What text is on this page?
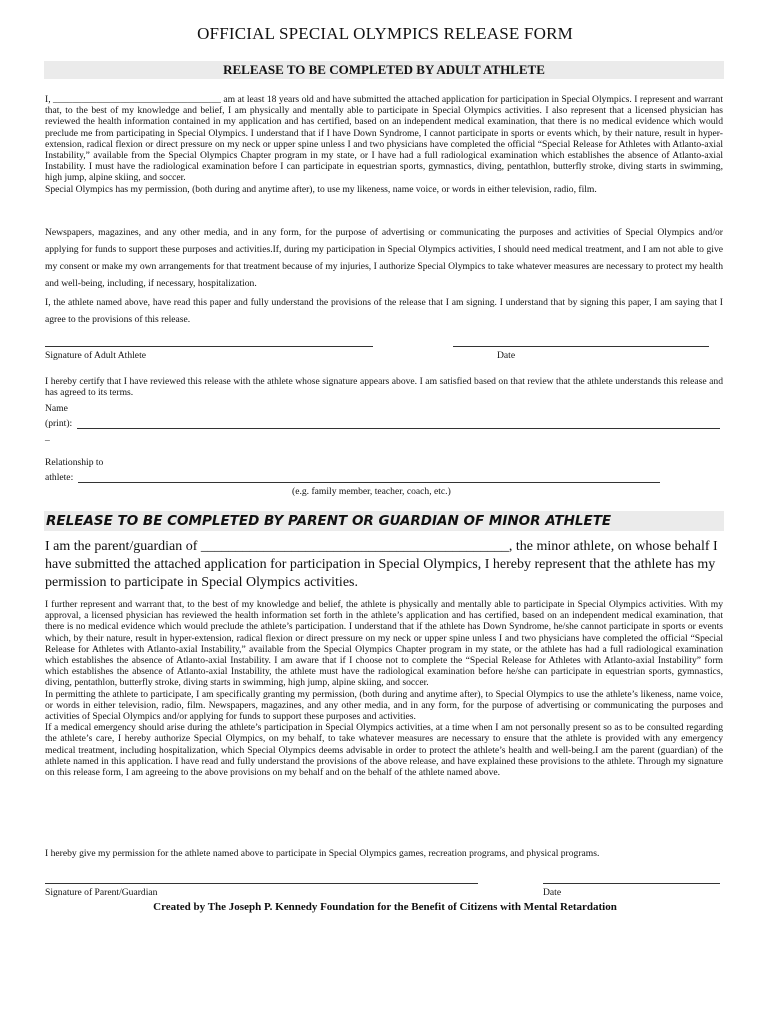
OFFICIAL SPECIAL OLYMPICS RELEASE FORM
RELEASE TO BE COMPLETED BY ADULT ATHLETE

I, ___________________________________ am at least 18 years old and have submitted the attached application for participation in Special Olympics. I represent and warrant that, to the best of my knowledge and belief, I am physically and mentally able to participate in Special Olympics activities. I also represent that a licensed physician has reviewed the health information contained in my application and has certified, based on an independent medical examination, that there is no medical evidence which would preclude me from participating in Special Olympics. I understand that if I have Down Syndrome, I cannot participate in sports or events which, by their nature, result in hyper-extension, radical flexion or direct pressure on my neck or upper spine unless I and two physicians have completed the official “Special Release for Athletes with Atlanto-axial Instability,” available from the Special Olympics Chapter program in my state, or I have had a full radiological examination which establishes the absence of Atlanto-axial Instability. I must have the radiological examination before I can participate in equestrian sports, gymnastics, diving, pentathlon, butterfly stroke, diving starts in swimming, high jump, alpine skiing, and soccer.
Special Olympics has my permission, (both during and anytime after), to use my likeness, name voice, or words in either television, radio, film.

Newspapers, magazines, and any other media, and in any form, for the purpose of advertising or communicating the purposes and activities of Special Olympics and/or applying for funds to support these purposes and activities.If, during my participation in Special Olympics activities, I should need medical treatment, and I am not able to give my consent or make my own arrangements for that treatment because of my injuries, I authorize Special Olympics to take whatever measures are necessary to protect my health and well-being, including, if necessary, hospitalization.

I, the athlete named above, have read this paper and fully understand the provisions of the release that I am signing. I understand that by signing this paper, I am saying that I agree to the provisions of this release.

Signature of Adult Athlete	Date

I hereby certify that I have reviewed this release with the athlete whose signature appears above. I am satisfied based on that review that the athlete understands this release and has agreed to its terms.

Name
(print):
_
Relationship to
athlete:
(e.g. family member, teacher, coach, etc.)
RELEASE TO BE COMPLETED BY PARENT OR GUARDIAN OF MINOR ATHLETE

I am the parent/guardian of ____________________________________________, the minor athlete, on whose behalf I have submitted the attached application for participation in Special Olympics, I hereby represent that the athlete has my permission to participate in Special Olympics activities.

I further represent and warrant that, to the best of my knowledge and belief, the athlete is physically and mentally able to participate in Special Olympics activities. With my approval, a licensed physician has reviewed the health information set forth in the athlete’s application and has certified, based on an independent medical examination, that there is no medical evidence which would preclude the athlete’s participation. I understand that if the athlete has Down Syndrome, he/she cannot participate in sports or events which, by their nature, result in hyper-extension, radical flexion or direct pressure on my neck or upper spine unless I and two physicians have completed the official “Special Release for Athletes with Atlanto-axial Instability,” available from the Special Olympics Chapter program in my state, or the athlete has had a full radiological examination which establishes the absence of Atlanto-axial Instability. I am aware that if I choose not to complete the “Special Release for Athletes with Atlanto-axial Instability” form which establishes the absence of Atlanto-axial Instability, the athlete must have the radiological examination before he/she can participate in equestrian sports, gymnastics, diving, pentathlon, butterfly stroke, diving starts in swimming, high jump, alpine skiing, and soccer.
In permitting the athlete to participate, I am specifically granting my permission, (both during and anytime after), to Special Olympics to use the athlete’s likeness, name voice, or words in either television, radio, film. Newspapers, magazines, and any other media, and in any form, for the purpose of advertising or communicating the purposes and activities of Special Olympics and/or applying for funds to support these purposes and activities.
If a medical emergency should arise during the athlete’s participation in Special Olympics activities, at a time when I am not personally present so as to be consulted regarding the athlete’s care, I hereby authorize Special Olympics, on my behalf, to take whatever measures are necessary to ensure that the athlete is provided with any emergency medical treatment, including hospitalization, which Special Olympics deems advisable in order to protect the athlete’s health and well-being.I am the parent (guardian) of the athlete named in this application. I have read and fully understand the provisions of the above release, and have explained these provisions to the athlete. Through my signature on this release form, I am agreeing to the above provisions on my behalf and on the behalf of the athlete named above.

I hereby give my permission for the athlete named above to participate in Special Olympics games, recreation programs, and physical programs.

Signature of Parent/Guardian	Date
Created by The Joseph P. Kennedy Foundation for the Benefit of Citizens with Mental Retardation
